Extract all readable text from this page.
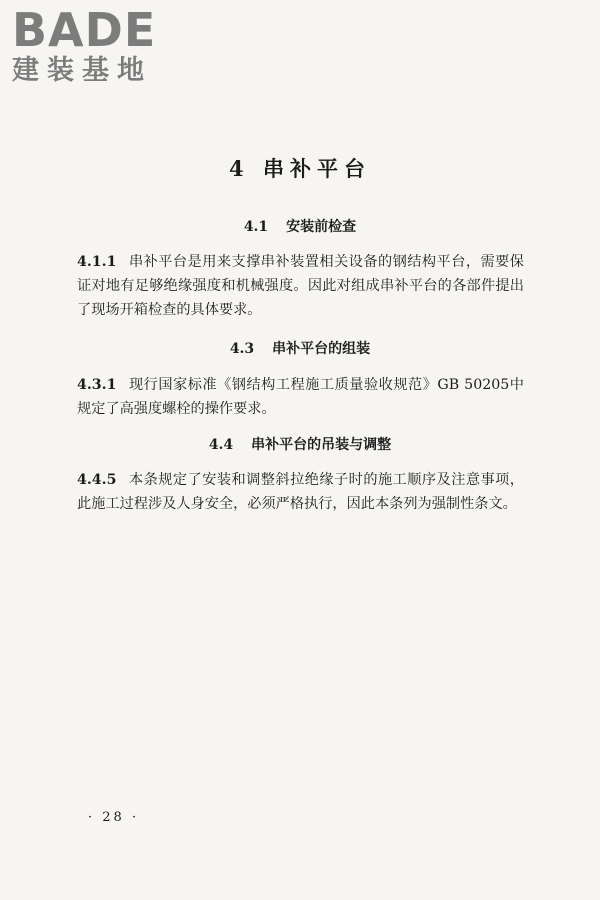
BADE
建装基地
4 串补平台
4.1 安装前检查

4.1.1 串补平台是用来支撑串补装置相关设备的钢结构平台，需要保证对地有足够绝缘强度和机械强度。因此对组成串补平台的各部件提出了现场开箱检查的具体要求。

4.3 串补平台的组装

4.3.1 现行国家标准《钢结构工程施工质量验收规范》GB 50205中规定了高强度螺栓的操作要求。

4.4 串补平台的吊装与调整

4.4.5 本条规定了安装和调整斜拉绝缘子时的施工顺序及注意事项，此施工过程涉及人身安全，必须严格执行，因此本条列为强制性条文。

· 28 ·
